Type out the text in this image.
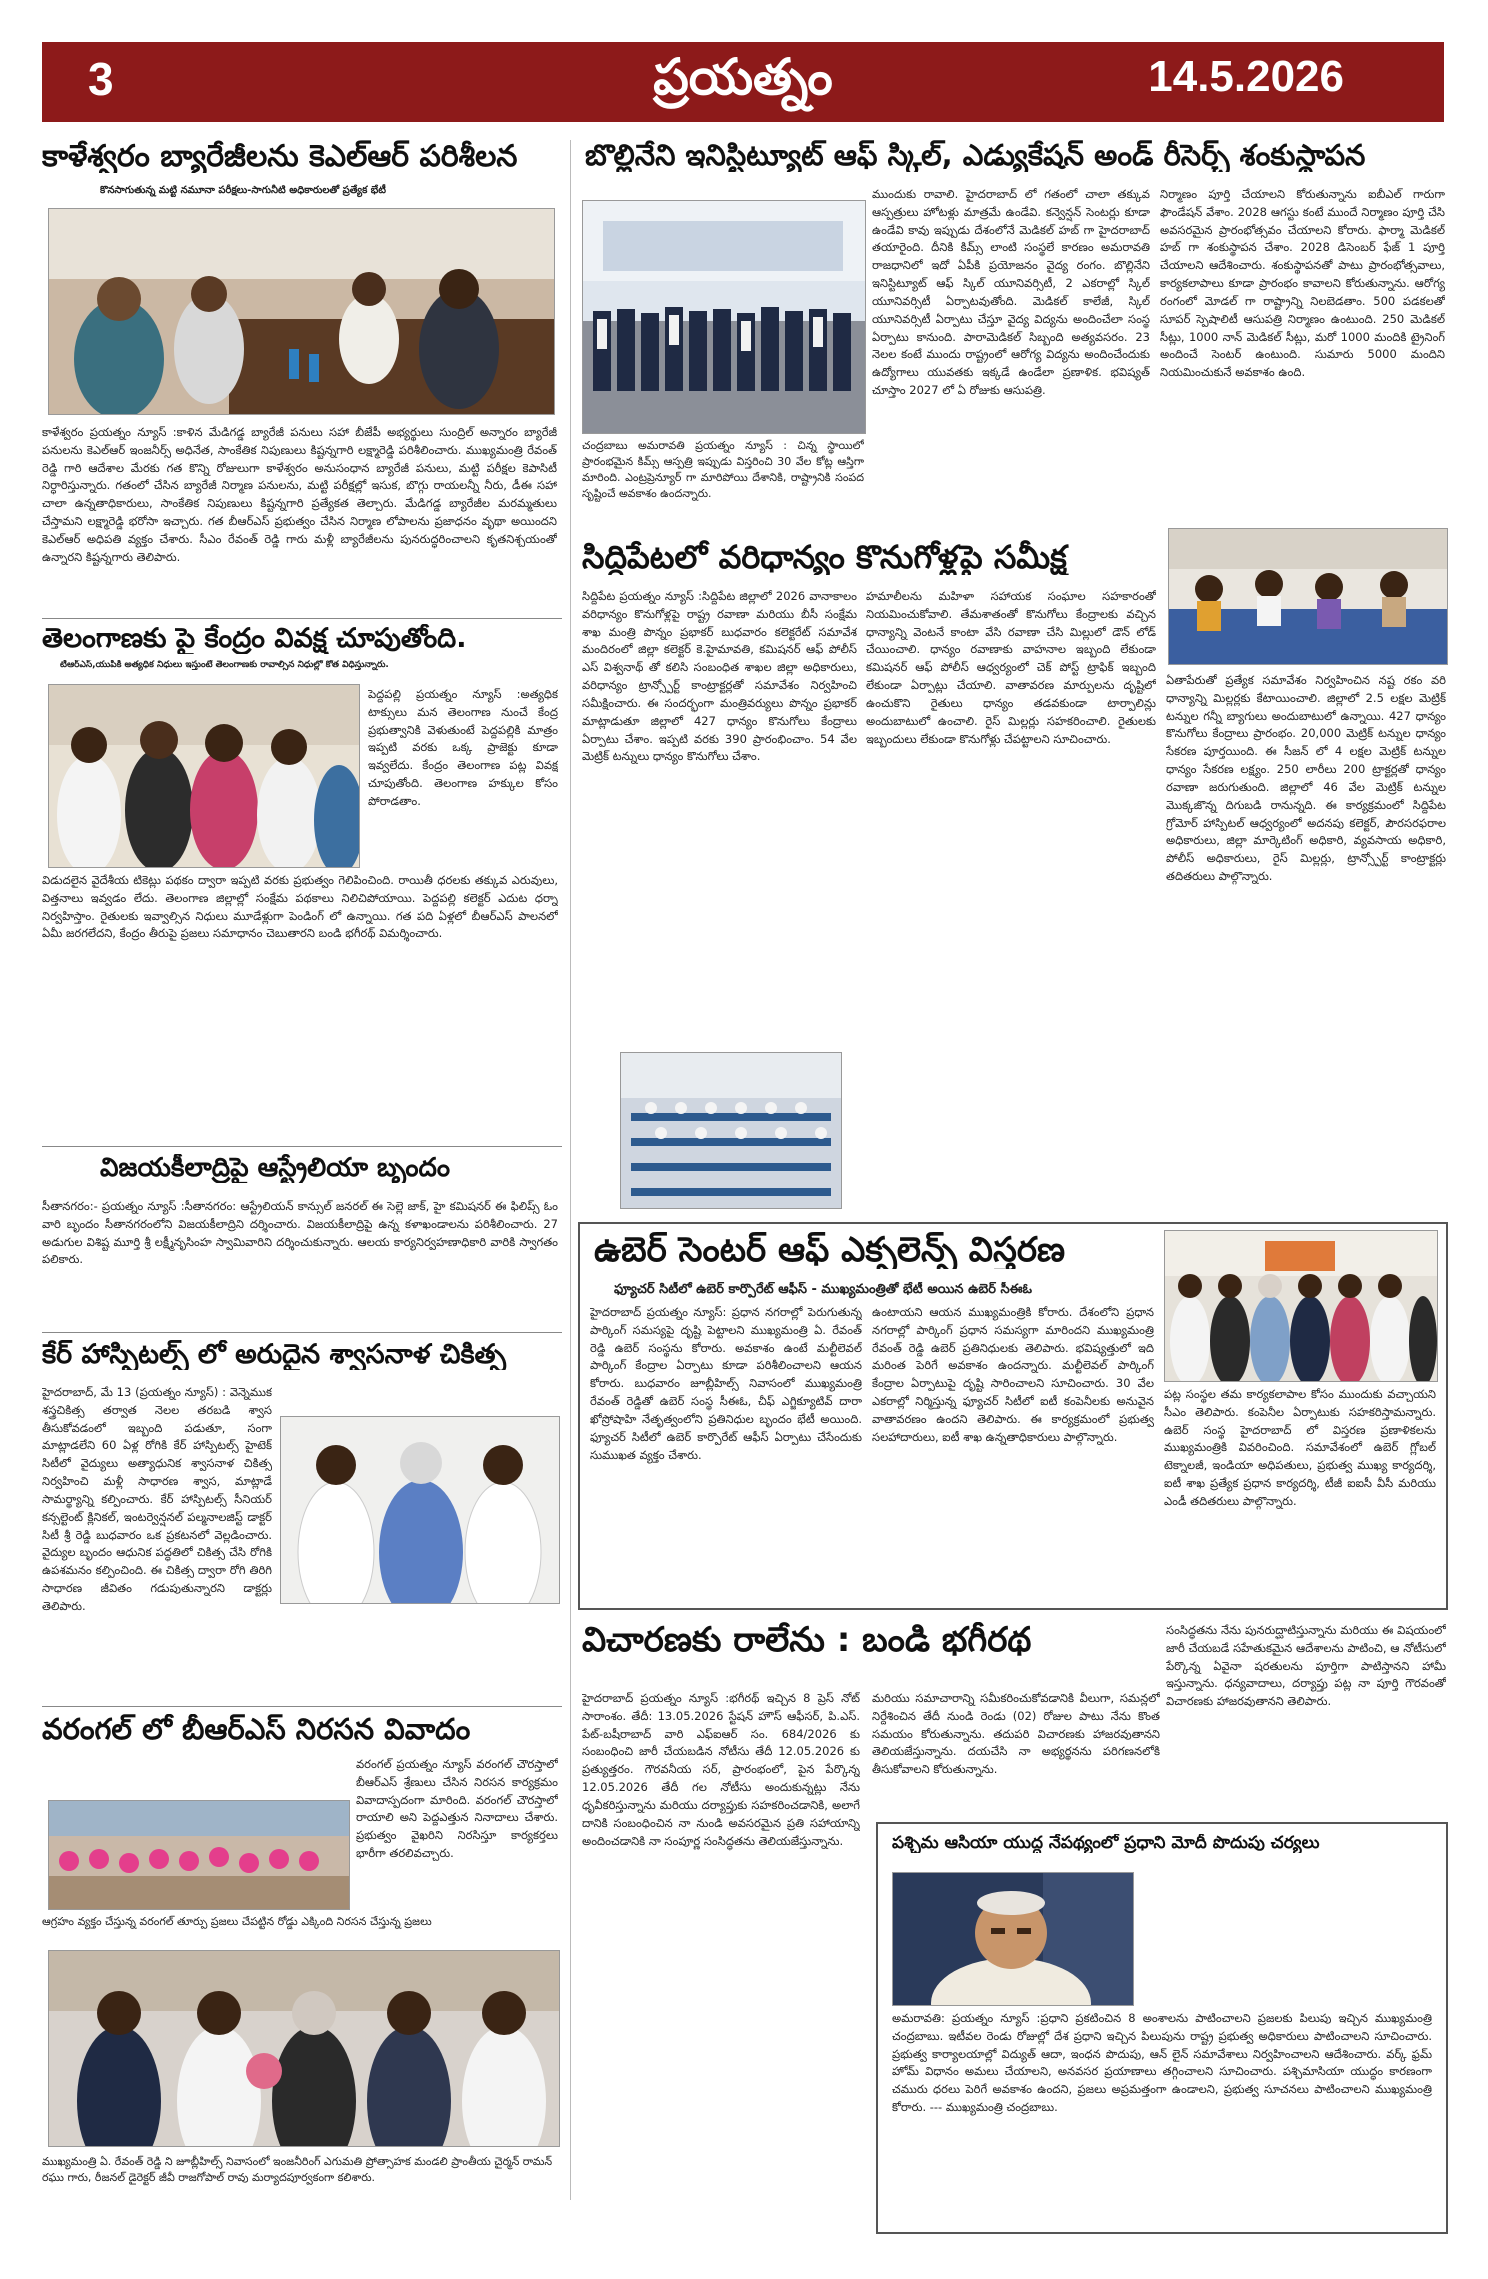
3	ప్రయత్నం	14.5.2026
కాళేశ్వరం బ్యారేజీలను కెఎల్ఆర్ పరిశీలన
కొనసాగుతున్న మట్టి నమూనా పరీక్షలు-సాగునీటి అధికారులతో ప్రత్యేక భేటీ
కాళేశ్వరం ప్రయత్నం న్యూస్ :కాళిన మేడిగడ్డ బ్యారేజీ పనులు సహా బీజేపీ అభ్యర్థులు సుంద్రిల్ అన్నారం బ్యారేజీ పనులను కెఎల్ఆర్ ఇంజనీర్స్ అధినేత, సాంకేతిక నిపుణులు కిష్టన్నగారి లక్ష్మారెడ్డి పరిశీలించారు. ముఖ్యమంత్రి రేవంత్ రెడ్డి గారి ఆదేశాల మేరకు గత కొన్ని రోజులుగా కాళేశ్వరం అనుసంధాన బ్యారేజీ పనులు, మట్టి పరీక్షల కెపాసిటీ నిర్ధారిస్తున్నారు. గతంలో చేసిన బ్యారేజీ నిర్మాణ పనులను, మట్టి పరీక్షల్లో ఇసుక, బొగ్గు రాయలన్నీ నీరు, డీఈ సహా చాలా ఉన్నతాధికారులు, సాంకేతిక నిపుణులు కిష్టన్నగారి ప్రత్యేకత తెల్చారు. మేడిగడ్డ బ్యారేజీల మరమ్మతులు చేస్తామని లక్ష్మారెడ్డి భరోసా ఇచ్చారు. గత బీఆర్ఎస్ ప్రభుత్వం చేసిన నిర్మాణ లోపాలను ప్రజాధనం వృథా అయిందని కెఎల్ఆర్ అధిపతి వ్యక్తం చేశారు. సీఎం రేవంత్ రెడ్డి గారు మళ్లీ బ్యారేజీలను పునరుద్ధరించాలని కృతనిశ్చయంతో ఉన్నారని కిష్టన్నగారు తెలిపారు.
బొల్లినేని ఇనిస్టిట్యూట్ ఆఫ్ స్కిల్, ఎడ్యుకేషన్ అండ్ రీసెర్చ్ శంకుస్థాపన
చంద్రబాబు అమరావతి ప్రయత్నం న్యూస్ : చిన్న స్థాయిలో ప్రారంభమైన కిమ్స్ ఆస్పత్రి ఇప్పుడు విస్తరించి 30 వేల కోట్ల ఆస్తిగా మారింది. ఎంట్రప్రెన్యూర్ గా మారిపోయి దేశానికి, రాష్ట్రానికి సంపద సృష్టించే అవకాశం ఉందన్నారు.
ముందుకు రావాలి. హైదరాబాద్ లో గతంలో చాలా తక్కువ ఆస్పత్రులు హోటళ్లు మాత్రమే ఉండేవి. కన్వెన్షన్ సెంటర్లు కూడా ఉండేవి కావు ఇప్పుడు దేశంలోనే మెడికల్ హబ్ గా హైదరాబాద్ తయారైంది. దీనికి కిమ్స్ లాంటి సంస్థలే కారణం అమరావతి రాజధానిలో ఇదో ఏపీకి ప్రయోజనం వైద్య రంగం. బొల్లినేని ఇనిస్టిట్యూట్ ఆఫ్ స్కిల్ యూనివర్సిటీ, 2 ఎకరాల్లో స్కిల్ యూనివర్సిటీ ఏర్పాటవుతోంది. మెడికల్ కాలేజీ, స్కిల్ యూనివర్సిటీ ఏర్పాటు చేస్తూ వైద్య విద్యను అందించేలా సంస్థ ఏర్పాటు కానుంది. పారామెడికల్ సిబ్బంది అత్యవసరం. 23 నెలల కంటే ముందు రాష్ట్రంలో ఆరోగ్య విద్యను అందించేందుకు ఉద్యోగాలు యువతకు ఇక్కడే ఉండేలా ప్రణాళిక. భవిష్యత్ చూస్తాం 2027 లో ఏ రోజుకు ఆసుపత్రి.
నిర్మాణం పూర్తి చేయాలని కోరుతున్నాను ఐబీఎల్ గారుగా ఫౌండేషన్ వేశాం. 2028 ఆగస్టు కంటే ముందే నిర్మాణం పూర్తి చేసి అవసరమైన ప్రారంభోత్సవం చేయాలని కోరారు. ఫార్మా మెడికల్ హబ్ గా శంకుస్థాపన చేశాం. 2028 డిసెంబర్ ఫేజ్ 1 పూర్తి చేయాలని ఆదేశించారు. శంకుస్థాపనతో పాటు ప్రారంభోత్సవాలు, కార్యకలాపాలు కూడా ప్రారంభం కావాలని కోరుతున్నాను. ఆరోగ్య రంగంలో మోడల్ గా రాష్ట్రాన్ని నిలబెడతాం. 500 పడకలతో సూపర్ స్పెషాలిటీ ఆసుపత్రి నిర్మాణం ఉంటుంది. 250 మెడికల్ సీట్లు, 1000 నాన్ మెడికల్ సీట్లు, మరో 1000 మందికి ట్రైనింగ్ అందించే సెంటర్ ఉంటుంది. సుమారు 5000 మందిని నియమించుకునే అవకాశం ఉంది.
తెలంగాణకు పై కేంద్రం వివక్ష చూపుతోంది.
టీఆర్ఎస్,యుపికి అత్యధిక నిధులు ఇస్తుంటే తెలంగాణకు రావాల్సిన నిధుల్లో కోత విధిస్తున్నారు.
పెద్దపల్లి ప్రయత్నం న్యూస్ :అత్యధిక టాక్సులు మన తెలంగాణ నుంచే కేంద్ర ప్రభుత్వానికి వెళుతుంటే పెద్దపల్లికి మాత్రం ఇప్పటి వరకు ఒక్క ప్రాజెక్టు కూడా ఇవ్వలేదు. కేంద్రం తెలంగాణ పట్ల వివక్ష చూపుతోంది. తెలంగాణ హక్కుల కోసం పోరాడతాం.
విడుదలైన వైదేశీయ టికెట్లు పథకం ద్వారా ఇప్పటి వరకు ప్రభుత్వం గెలిపించింది. రాయితీ ధరలకు తక్కువ ఎరువులు, విత్తనాలు ఇవ్వడం లేదు. తెలంగాణ జిల్లాల్లో సంక్షేమ పథకాలు నిలిచిపోయాయి. పెద్దపల్లి కలెక్టర్ ఎదుట ధర్నా నిర్వహిస్తాం. రైతులకు ఇవ్వాల్సిన నిధులు మూడేళ్లుగా పెండింగ్ లో ఉన్నాయి. గత పది ఏళ్లలో బీఆర్ఎస్ పాలనలో ఏమీ జరగలేదని, కేంద్రం తీరుపై ప్రజలు సమాధానం చెబుతారని బండి భగీరథ్ విమర్శించారు.
విజయకీలాద్రిపై ఆస్ట్రేలియా బృందం
సీతానగరం:- ప్రయత్నం న్యూస్ :సీతానగరం: ఆస్ట్రేలియన్ కాన్సుల్ జనరల్ ఈ సెల్లె జాక్, హై కమిషనర్ ఈ ఫిలిప్స్ ఓం వారి బృందం సీతానగరంలోని విజయకీలాద్రిని దర్శించారు. విజయకీలాద్రిపై ఉన్న కళాఖండాలను పరిశీలించారు. 27 అడుగుల విశిష్ట మూర్తి శ్రీ లక్ష్మీనృసింహ స్వామివారిని దర్శించుకున్నారు. ఆలయ కార్యనిర్వహణాధికారి వారికి స్వాగతం పలికారు.
కేర్ హాస్పిటల్స్ లో అరుదైన శ్వాసనాళ చికిత్స
హైదరాబాద్, మే 13 (ప్రయత్నం న్యూస్) : వెన్నెముక శస్త్రచికిత్స తర్వాత నెలల తరబడి శ్వాస తీసుకోవడంలో ఇబ్బంది పడుతూ, సంగా మాట్లాడలేని 60 ఏళ్ల రోగికి కేర్ హాస్పిటల్స్ హైటెక్ సిటీలో వైద్యులు అత్యాధునిక శ్వాసనాళ చికిత్స నిర్వహించి మళ్లీ సాధారణ శ్వాస, మాట్లాడే సామర్థ్యాన్ని కల్పించారు. కేర్ హాస్పిటల్స్ సీనియర్ కన్సల్టెంట్ క్లినికల్, ఇంటర్వెన్షనల్ పల్మనాలజిస్ట్ డాక్టర్ సిటీ శ్రీ రెడ్డి బుధవారం ఒక ప్రకటనలో వెల్లడించారు. వైద్యుల బృందం ఆధునిక పద్ధతిలో చికిత్స చేసి రోగికి ఉపశమనం కల్పించింది. ఈ చికిత్స ద్వారా రోగి తిరిగి సాధారణ జీవితం గడుపుతున్నారని డాక్టర్లు తెలిపారు.
వరంగల్ లో బీఆర్ఎస్ నిరసన వివాదం
వరంగల్ ప్రయత్నం న్యూస్ వరంగల్ చౌరస్తాలో బీఆర్ఎస్ శ్రేణులు చేసిన నిరసన కార్యక్రమం వివాదాస్పదంగా మారింది. వరంగల్ చౌరస్తాలో రాయాలి అని పెద్దఎత్తున నినాదాలు చేశారు. ప్రభుత్వం వైఖరిని నిరసిస్తూ కార్యకర్తలు భారీగా తరలివచ్చారు.
ఆగ్రహం వ్యక్తం చేస్తున్న వరంగల్ తూర్పు ప్రజలు చేపట్టిన రోడ్డు ఎక్కింది నిరసన చేస్తున్న ప్రజలు
ముఖ్యమంత్రి ఏ. రేవంత్ రెడ్డి ని జూబ్లీహిల్స్ నివాసంలో ఇంజనీరింగ్ ఎగుమతి ప్రోత్సాహక మండలి ప్రాంతీయ చైర్మన్ రామన్ రఘు గారు, రీజనల్ డైరెక్టర్ జీవీ రాజగోపాల్ రావు మర్యాదపూర్వకంగా కలిశారు.
సిద్దిపేటలో వరిధాన్యం కొనుగోళ్లపై సమీక్ష
సిద్దిపేట ప్రయత్నం న్యూస్ :సిద్దిపేట జిల్లాలో 2026 వానాకాలం వరిధాన్యం కొనుగోళ్లపై రాష్ట్ర రవాణా మరియు బీసీ సంక్షేమ శాఖ మంత్రి పొన్నం ప్రభాకర్ బుధవారం కలెక్టరేట్ సమావేశ మందిరంలో జిల్లా కలెక్టర్ కె.హైమావతి, కమిషనర్ ఆఫ్ పోలీస్ ఎస్ విశ్వనాథ్ తో కలిసి సంబంధిత శాఖల జిల్లా అధికారులు, వరిధాన్యం ట్రాన్స్పోర్ట్ కాంట్రాక్టర్లతో సమావేశం నిర్వహించి సమీక్షించారు. ఈ సందర్భంగా మంత్రివర్యులు పొన్నం ప్రభాకర్ మాట్లాడుతూ జిల్లాలో 427 ధాన్యం కొనుగోలు కేంద్రాలు ఏర్పాటు చేశాం. ఇప్పటి వరకు 390 ప్రారంభించాం. 54 వేల మెట్రిక్ టన్నులు ధాన్యం కొనుగోలు చేశాం.
హమాలీలను మహిళా సహాయక సంఘాల సహకారంతో నియమించుకోవాలి. తేమశాతంతో కొనుగోలు కేంద్రాలకు వచ్చిన ధాన్యాన్ని వెంటనే కాంటా వేసి రవాణా చేసి మిల్లులో డౌన్ లోడ్ చేయించాలి. ధాన్యం రవాణాకు వాహనాల ఇబ్బంది లేకుండా కమిషనర్ ఆఫ్ పోలీస్ ఆధ్వర్యంలో చెక్ పోస్ట్ ట్రాఫిక్ ఇబ్బంది లేకుండా ఏర్పాట్లు చేయాలి. వాతావరణ మార్పులను దృష్టిలో ఉంచుకొని రైతులు ధాన్యం తడవకుండా టార్పాలిన్లు అందుబాటులో ఉంచాలి. రైస్ మిల్లర్లు సహకరించాలి. రైతులకు ఇబ్బందులు లేకుండా కొనుగోళ్లు చేపట్టాలని సూచించారు.
ఏతాపేరుతో ప్రత్యేక సమావేశం నిర్వహించిన నష్ట రకం వరి ధాన్యాన్ని మిల్లర్లకు కేటాయించాలి. జిల్లాలో 2.5 లక్షల మెట్రిక్ టన్నుల గన్నీ బ్యాగులు అందుబాటులో ఉన్నాయి. 427 ధాన్యం కొనుగోలు కేంద్రాలు ప్రారంభం. 20,000 మెట్రిక్ టన్నుల ధాన్యం సేకరణ పూర్తయింది. ఈ సీజన్ లో 4 లక్షల మెట్రిక్ టన్నుల ధాన్యం సేకరణ లక్ష్యం. 250 లారీలు 200 ట్రాక్టర్లతో ధాన్యం రవాణా జరుగుతుంది. జిల్లాలో 46 వేల మెట్రిక్ టన్నుల మొక్కజొన్న దిగుబడి రానున్నది. ఈ కార్యక్రమంలో సిద్దిపేట గ్రోమోర్ హాస్పిటల్ ఆధ్వర్యంలో అదనపు కలెక్టర్, పౌరసరఫరాల అధికారులు, జిల్లా మార్కెటింగ్ అధికారి, వ్యవసాయ అధికారి, పోలీస్ అధికారులు, రైస్ మిల్లర్లు, ట్రాన్స్పోర్ట్ కాంట్రాక్టర్లు తదితరులు పాల్గొన్నారు.
ఉబెర్ సెంటర్ ఆఫ్ ఎక్సలెన్స్ విస్తరణ
ఫ్యూచర్ సిటీలో ఉబెర్ కార్పొరేట్ ఆఫీస్ - ముఖ్యమంత్రితో భేటీ అయిన ఉబెర్ సీఈఓ
హైదరాబాద్ ప్రయత్నం న్యూస్: ప్రధాన నగరాల్లో పెరుగుతున్న పార్కింగ్ సమస్యపై దృష్టి పెట్టాలని ముఖ్యమంత్రి ఏ. రేవంత్ రెడ్డి ఉబెర్ సంస్థను కోరారు. అవకాశం ఉంటే మల్టీలెవల్ పార్కింగ్ కేంద్రాల ఏర్పాటు కూడా పరిశీలించాలని ఆయన కోరారు. బుధవారం జూబ్లీహిల్స్ నివాసంలో ముఖ్యమంత్రి రేవంత్ రెడ్డితో ఉబెర్ సంస్థ సీఈఓ, చీఫ్ ఎగ్జిక్యూటివ్ దారా ఖోస్రోషాహి నేతృత్వంలోని ప్రతినిధుల బృందం భేటీ అయింది. ఫ్యూచర్ సిటీలో ఉబెర్ కార్పొరేట్ ఆఫీస్ ఏర్పాటు చేసేందుకు సుముఖత వ్యక్తం చేశారు.
ఉంటాయని ఆయన ముఖ్యమంత్రికి కోరారు. దేశంలోని ప్రధాన నగరాల్లో పార్కింగ్ ప్రధాన సమస్యగా మారిందని ముఖ్యమంత్రి రేవంత్ రెడ్డి ఉబెర్ ప్రతినిధులకు తెలిపారు. భవిష్యత్తులో ఇది మరింత పెరిగే అవకాశం ఉందన్నారు. మల్టీలెవల్ పార్కింగ్ కేంద్రాల ఏర్పాటుపై దృష్టి సారించాలని సూచించారు. 30 వేల ఎకరాల్లో నిర్మిస్తున్న ఫ్యూచర్ సిటీలో ఐటీ కంపెనీలకు అనువైన వాతావరణం ఉందని తెలిపారు. ఈ కార్యక్రమంలో ప్రభుత్వ సలహాదారులు, ఐటీ శాఖ ఉన్నతాధికారులు పాల్గొన్నారు.
పట్ల సంస్థల తమ కార్యకలాపాల కోసం ముందుకు వచ్చాయని సీఎం తెలిపారు. కంపెనీల ఏర్పాటుకు సహకరిస్తామన్నారు. ఉబెర్ సంస్థ హైదరాబాద్ లో విస్తరణ ప్రణాళికలను ముఖ్యమంత్రికి వివరించింది. సమావేశంలో ఉబెర్ గ్లోబల్ టెక్నాలజీ, ఇండియా అధిపతులు, ప్రభుత్వ ముఖ్య కార్యదర్శి, ఐటీ శాఖ ప్రత్యేక ప్రధాన కార్యదర్శి, టీజీ ఐఐసీ వీసీ మరియు ఎండీ తదితరులు పాల్గొన్నారు.
విచారణకు రాలేను : బండి భగీరథ
హైదరాబాద్ ప్రయత్నం న్యూస్ :భగీరథ్ ఇచ్చిన 8 ప్రెస్ నోట్ సారాంశం. తేదీ: 13.05.2026 స్టేషన్ హౌస్ ఆఫీసర్, పి.ఎస్. పేట్-బషీరాబాద్ వారి ఎఫ్ఐఆర్ సం. 684/2026 కు సంబంధించి జారీ చేయబడిన నోటీసు తేదీ 12.05.2026 కు ప్రత్యుత్తరం. గౌరవనీయ సర్, ప్రారంభంలో, పైన పేర్కొన్న 12.05.2026 తేదీ గల నోటీసు అందుకున్నట్లు నేను ధృవీకరిస్తున్నాను మరియు దర్యాప్తుకు సహకరించడానికి, అలాగే దానికి సంబంధించిన నా నుండి అవసరమైన ప్రతి సహాయాన్ని అందించడానికి నా సంపూర్ణ సంసిద్ధతను తెలియజేస్తున్నాను.
మరియు సమాచారాన్ని సమీకరించుకోవడానికి వీలుగా, సమన్లలో నిర్దేశించిన తేదీ నుండి రెండు (02) రోజుల పాటు నేను కొంత సమయం కోరుతున్నాను. తదుపరి విచారణకు హాజరవుతానని తెలియజేస్తున్నాను. దయచేసి నా అభ్యర్థనను పరిగణనలోకి తీసుకోవాలని కోరుతున్నాను.
సంసిద్ధతను నేను పునరుద్ఘాటిస్తున్నాను మరియు ఈ విషయంలో జారీ చేయబడే సహేతుకమైన ఆదేశాలను పాటించి, ఆ నోటీసులో పేర్కొన్న ఏవైనా షరతులను పూర్తిగా పాటిస్తానని హామీ ఇస్తున్నాను. ధన్యవాదాలు, దర్యాప్తు పట్ల నా పూర్తి గౌరవంతో విచారణకు హాజరవుతానని తెలిపారు.
పశ్చిమ ఆసియా యుద్ధ నేపథ్యంలో ప్రధాని మోదీ పొదుపు చర్యలు
అమరావతి: ప్రయత్నం న్యూస్ :ప్రధాని ప్రకటించిన 8 అంశాలను పాటించాలని ప్రజలకు పిలుపు ఇచ్చిన ముఖ్యమంత్రి చంద్రబాబు. ఇటీవల రెండు రోజుల్లో దేశ ప్రధాని ఇచ్చిన పిలుపును రాష్ట్ర ప్రభుత్వ అధికారులు పాటించాలని సూచించారు. ప్రభుత్వ కార్యాలయాల్లో విద్యుత్ ఆదా, ఇంధన పొదుపు, ఆన్ లైన్ సమావేశాలు నిర్వహించాలని ఆదేశించారు. వర్క్ ఫ్రమ్ హోమ్ విధానం అమలు చేయాలని, అనవసర ప్రయాణాలు తగ్గించాలని సూచించారు. పశ్చిమాసియా యుద్ధం కారణంగా చమురు ధరలు పెరిగే అవకాశం ఉందని, ప్రజలు అప్రమత్తంగా ఉండాలని, ప్రభుత్వ సూచనలు పాటించాలని ముఖ్యమంత్రి కోరారు. --- ముఖ్యమంత్రి చంద్రబాబు.
